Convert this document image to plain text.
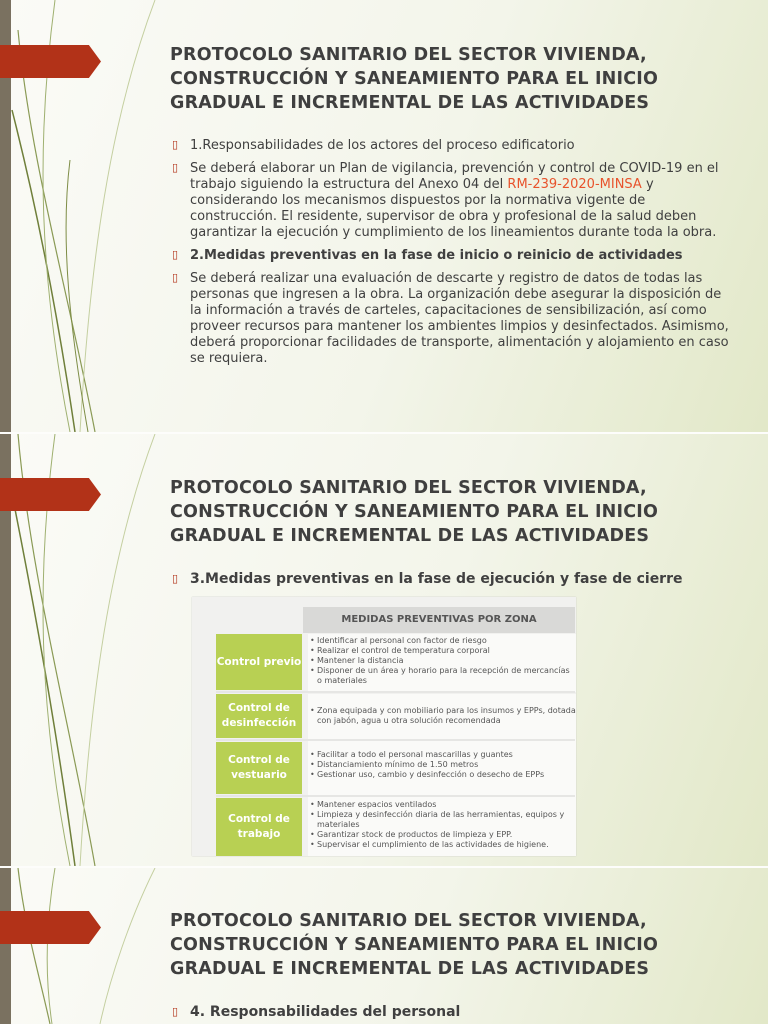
PROTOCOLO SANITARIO DEL SECTOR VIVIENDA, CONSTRUCCIÓN Y SANEAMIENTO PARA EL INICIO GRADUAL E INCREMENTAL DE LAS ACTIVIDADES
▯ 1.Responsabilidades de los actores del proceso edificatorio
▯ Se deberá elaborar un Plan de vigilancia, prevención y control de COVID-19 en el trabajo siguiendo la estructura del Anexo 04 del RM-239-2020-MINSA y considerando los mecanismos dispuestos por la normativa vigente de construcción. El residente, supervisor de obra y profesional de la salud deben garantizar la ejecución y cumplimiento de los lineamientos durante toda la obra.
▯ 2.Medidas preventivas en la fase de inicio o reinicio de actividades
▯ Se deberá realizar una evaluación de descarte y registro de datos de todas las personas que ingresen a la obra. La organización debe asegurar la disposición de la información a través de carteles, capacitaciones de sensibilización, así como proveer recursos para mantener los ambientes limpios y desinfectados. Asimismo, deberá proporcionar facilidades de transporte, alimentación y alojamiento en caso se requiera.
PROTOCOLO SANITARIO DEL SECTOR VIVIENDA, CONSTRUCCIÓN Y SANEAMIENTO PARA EL INICIO GRADUAL E INCREMENTAL DE LAS ACTIVIDADES
▯ 3.Medidas preventivas en la fase de ejecución y fase de cierre
MEDIDAS PREVENTIVAS POR ZONA
Control previo
• Identificar al personal con factor de riesgo
• Realizar el control de temperatura corporal
• Mantener la distancia
• Disponer de un área y horario para la recepción de mercancías o materiales
Control de desinfección
• Zona equipada y con mobiliario para los insumos y EPPs, dotada con jabón, agua u otra solución recomendada
Control de vestuario
• Facilitar a todo el personal mascarillas y guantes
• Distanciamiento mínimo de 1.50 metros
• Gestionar uso, cambio y desinfección o desecho de EPPs
Control de trabajo
• Mantener espacios ventilados
• Limpieza y desinfección diaria de las herramientas, equipos y materiales
• Garantizar stock de productos de limpieza y EPP.
• Supervisar el cumplimiento de las actividades de higiene.
PROTOCOLO SANITARIO DEL SECTOR VIVIENDA, CONSTRUCCIÓN Y SANEAMIENTO PARA EL INICIO GRADUAL E INCREMENTAL DE LAS ACTIVIDADES
▯ 4. Responsabilidades del personal
